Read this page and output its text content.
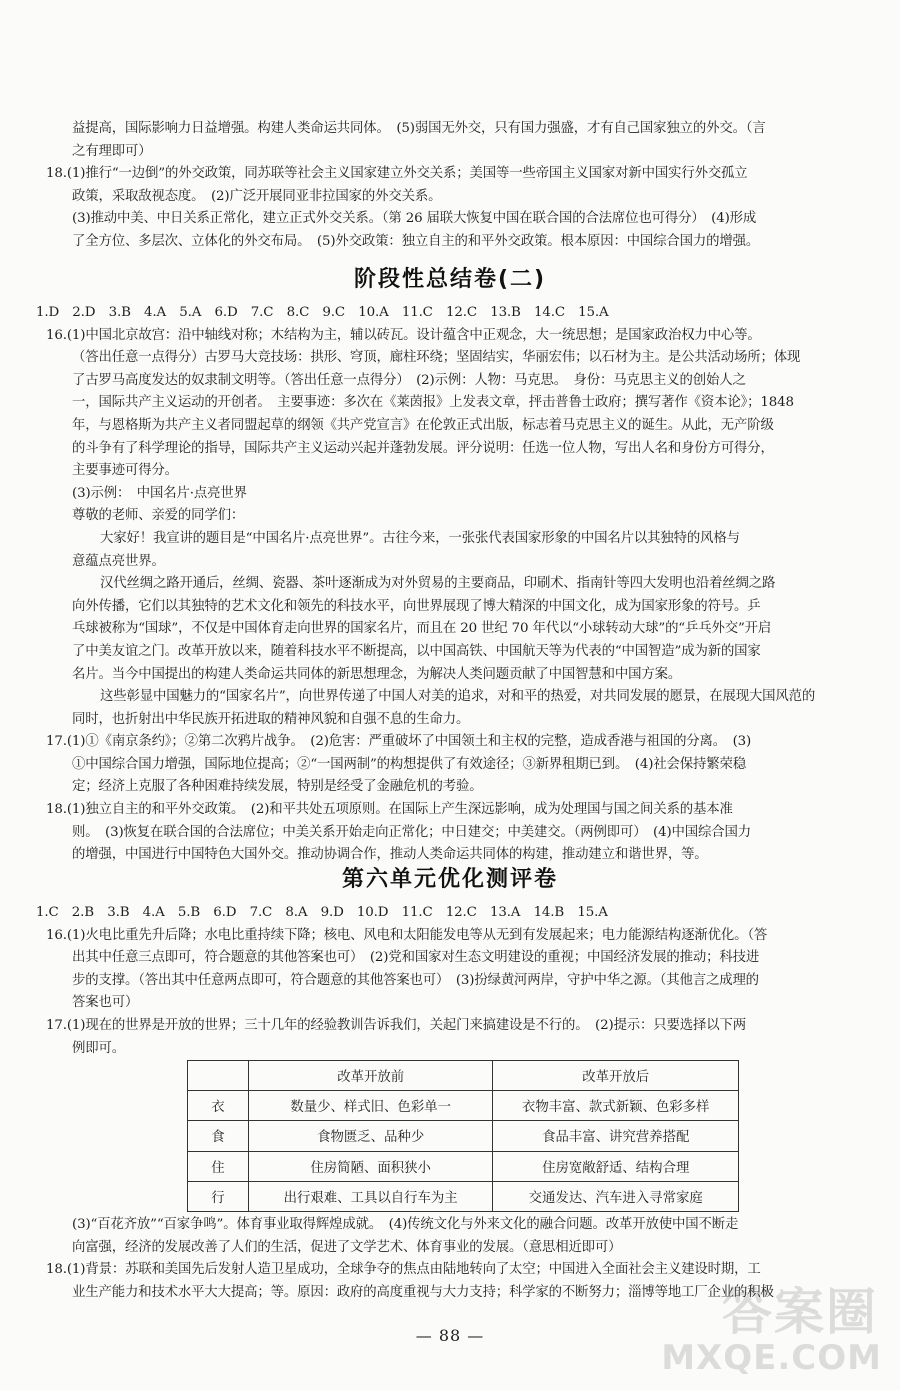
益提高，国际影响力日益增强。构建人类命运共同体。　(5)弱国无外交，只有国力强盛，才有自己国家独立的外交。（言

之有理即可）

18.(1)推行“一边倒”的外交政策，同苏联等社会主义国家建立外交关系；美国等一些帝国主义国家对新中国实行外交孤立

政策，采取敌视态度。　(2)广泛开展同亚非拉国家的外交关系。

(3)推动中美、中日关系正常化，建立正式外交关系。（第 26 届联大恢复中国在联合国的合法席位也可得分）　(4)形成

了全方位、多层次、立体化的外交布局。　(5)外交政策：独立自主的和平外交政策。根本原因：中国综合国力的增强。

阶段性总结卷(二)

1.D　2.D　3.B　4.A　5.A　6.D　7.C　8.C　9.C　10.A　11.C　12.C　13.B　14.C　15.A

16.(1)中国北京故宫：沿中轴线对称；木结构为主，辅以砖瓦。设计蕴含中正观念，大一统思想；是国家政治权力中心等。

（答出任意一点得分）古罗马大竞技场：拱形、穹顶，廊柱环绕；坚固结实，华丽宏伟；以石材为主。是公共活动场所；体现

了古罗马高度发达的奴隶制文明等。（答出任意一点得分）　(2)示例：人物：马克思。　身份：马克思主义的创始人之

一，国际共产主义运动的开创者。　主要事迹：多次在《莱茵报》上发表文章，抨击普鲁士政府；撰写著作《资本论》；1848

年，与恩格斯为共产主义者同盟起草的纲领《共产党宣言》在伦敦正式出版，标志着马克思主义的诞生。从此，无产阶级

的斗争有了科学理论的指导，国际共产主义运动兴起并蓬勃发展。评分说明：任选一位人物，写出人名和身份方可得分，

主要事迹可得分。

(3)示例：　中国名片·点亮世界

尊敬的老师、亲爱的同学们：

大家好！我宣讲的题目是“中国名片·点亮世界”。古往今来，一张张代表国家形象的中国名片以其独特的风格与

意蕴点亮世界。

汉代丝绸之路开通后，丝绸、瓷器、茶叶逐渐成为对外贸易的主要商品，印刷术、指南针等四大发明也沿着丝绸之路

向外传播，它们以其独特的艺术文化和领先的科技水平，向世界展现了博大精深的中国文化，成为国家形象的符号。乒

乓球被称为“国球”，不仅是中国体育走向世界的国家名片，而且在 20 世纪 70 年代以“小球转动大球”的“乒乓外交”开启

了中美友谊之门。改革开放以来，随着科技水平不断提高，以中国高铁、中国航天等为代表的“中国智造”成为新的国家

名片。当今中国提出的构建人类命运共同体的新思想理念，为解决人类问题贡献了中国智慧和中国方案。

这些彰显中国魅力的“国家名片”，向世界传递了中国人对美的追求，对和平的热爱，对共同发展的愿景，在展现大国风范的

同时，也折射出中华民族开拓进取的精神风貌和自强不息的生命力。

17.(1)①《南京条约》；②第二次鸦片战争。　(2)危害：严重破坏了中国领土和主权的完整，造成香港与祖国的分离。　(3)

①中国综合国力增强，国际地位提高；②“一国两制”的构想提供了有效途径；③新界租期已到。　(4)社会保持繁荣稳

定；经济上克服了各种困难持续发展，特别是经受了金融危机的考验。

18.(1)独立自主的和平外交政策。　(2)和平共处五项原则。在国际上产生深远影响，成为处理国与国之间关系的基本准

则。　(3)恢复在联合国的合法席位；中美关系开始走向正常化；中日建交；中美建交。（两例即可）　(4)中国综合国力

的增强，中国进行中国特色大国外交。推动协调合作，推动人类命运共同体的构建，推动建立和谐世界，等。

第六单元优化测评卷

1.C　2.B　3.B　4.A　5.B　6.D　7.C　8.A　9.D　10.D　11.C　12.C　13.A　14.B　15.A

16.(1)火电比重先升后降；水电比重持续下降；核电、风电和太阳能发电等从无到有发展起来；电力能源结构逐渐优化。（答

出其中任意三点即可，符合题意的其他答案也可）　(2)党和国家对生态文明建设的重视；中国经济发展的推动；科技进

步的支撑。（答出其中任意两点即可，符合题意的其他答案也可）　(3)扮绿黄河两岸，守护中华之源。（其他言之成理的

答案也可）

17.(1)现在的世界是开放的世界；三十几年的经验教训告诉我们，关起门来搞建设是不行的。　(2)提示：只要选择以下两

例即可。

	改革开放前	改革开放后
衣	数量少、样式旧、色彩单一	衣物丰富、款式新颖、色彩多样
食	食物匮乏、品种少	食品丰富、讲究营养搭配
住	住房简陋、面积狭小	住房宽敞舒适、结构合理
行	出行艰难、工具以自行车为主	交通发达、汽车进入寻常家庭

(3)“百花齐放”“百家争鸣”。体育事业取得辉煌成就。　(4)传统文化与外来文化的融合问题。改革开放使中国不断走

向富强，经济的发展改善了人们的生活，促进了文学艺术、体育事业的发展。（意思相近即可）

18.(1)背景：苏联和美国先后发射人造卫星成功，全球争夺的焦点由陆地转向了太空；中国进入全面社会主义建设时期，工

业生产能力和技术水平大大提高；等。原因：政府的高度重视与大力支持；科学家的不断努力；淄博等地工厂企业的积极

— 88 —	答案圈
MXQE.COM
